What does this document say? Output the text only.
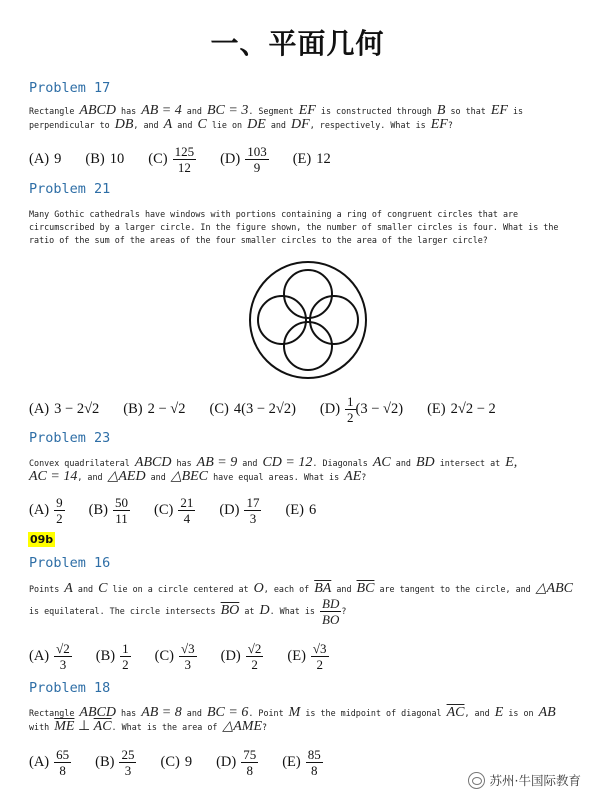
一、平面几何
Problem 17
Rectangle ABCD has AB = 4 and BC = 3. Segment EF is constructed through B so that EF is perpendicular to DB, and A and C lie on DE and DF, respectively. What is EF?
(A) 9 (B) 10 $(C) \frac{125}{12} (D) \frac{103}{9} (E)$ 12
Problem 21
Many Gothic cathedrals have windows with portions containing a ring of congruent circles that are circumscribed by a larger circle. In the figure shown, the number of smaller circles is four. What is the ratio of the sum of the areas of the four smaller circles to the area of the larger circle?
(A) 3 − 2√2 (B) 2 − √2 (C) 4(3 − 2√2) $(D) \frac{1}{2} (3 - √2)$ (E) 2√2 − 2
Problem 23
Convex quadrilateral ABCD has AB = 9 and CD = 12. Diagonals AC and BD intersect at E,
AC = 14, and △AED and △BEC have equal areas. What is AE?
$(A) \frac{9}{2} (B) \frac{50}{11} (C) \frac{21}{4} (D) \frac{17}{3} (E)$ 6
09b
Problem 16
Points A and C lie on a circle centered at O, each of $\overline{BA}$ and $\overline{BC}$ are tangent to the circle, and △ABC
is equilateral. The circle intersects $\overline{BO}$ at D. What is $\frac{BD}{BO}$ ?
$(A) \frac{√2}{3} (B) \frac{1}{2} (C) \frac{√3}{3} (D) \frac{√2}{2} (E) \frac{√3}{2}$
Problem 18
Rectangle ABCD has AB = 8 and BC = 6. Point M is the midpoint of diagonal $\overline{AC}$, and E is on AB
with $\overline{ME}$ ⊥ $\overline{AC}$. What is the area of △AME?
$(A) \frac{65}{8} (B) \frac{25}{3} (C)$ 9 $(D) \frac{75}{8} (E) \frac{85}{8}$
苏州·牛国际教育
